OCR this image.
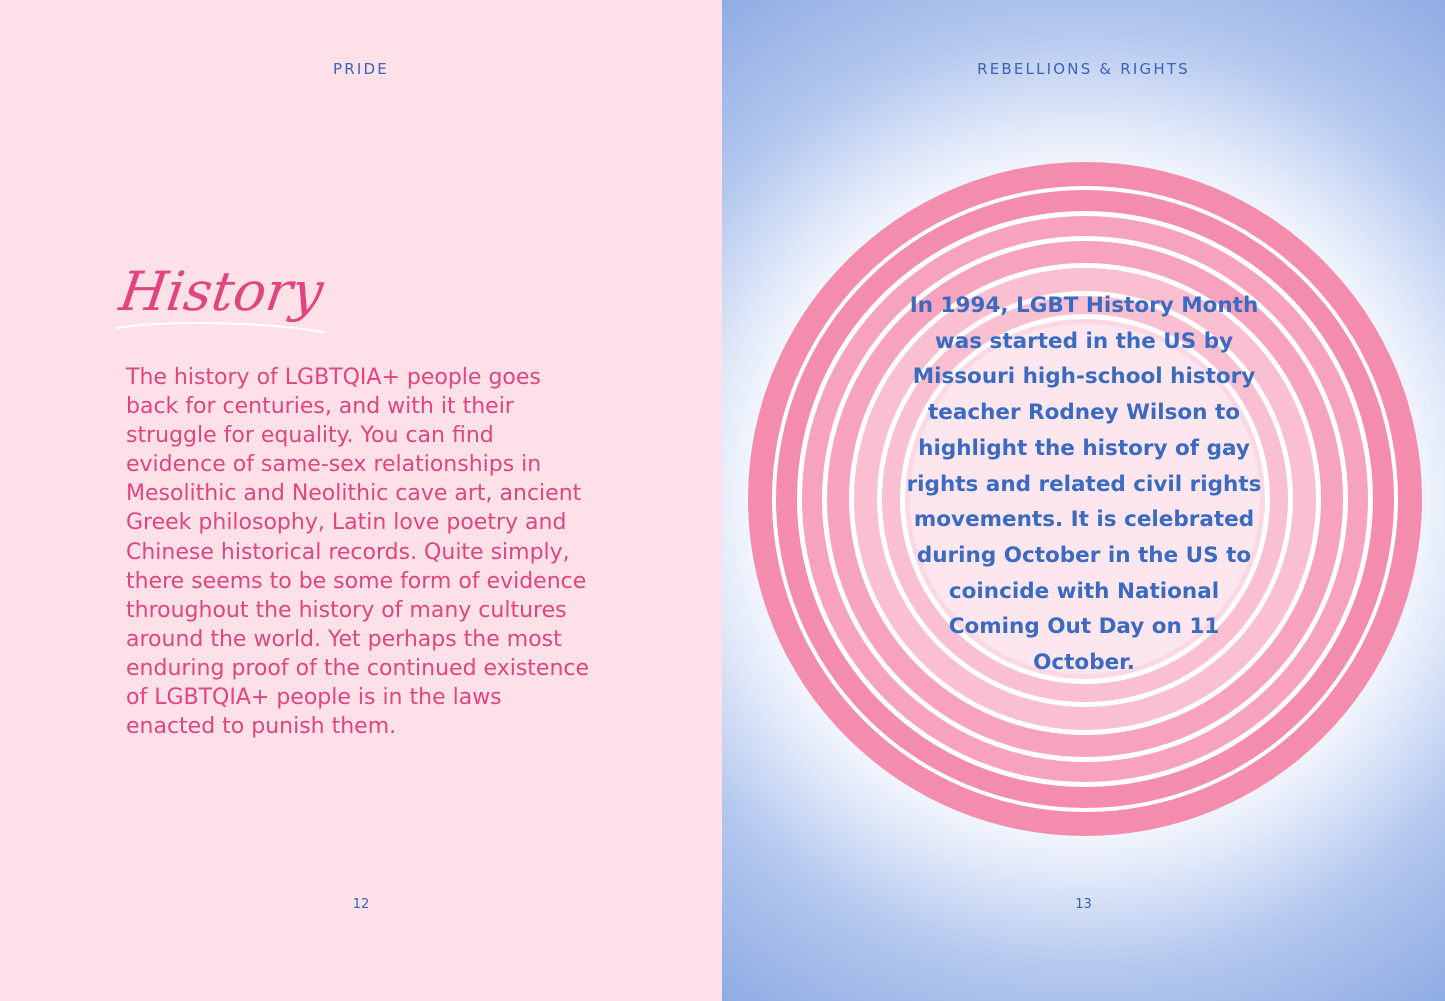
PRIDE
History

The history of LGBTQIA+ people goes back for centuries, and with it their struggle for equality. You can find evidence of same-sex relationships in Mesolithic and Neolithic cave art, ancient Greek philosophy, Latin love poetry and Chinese historical records. Quite simply, there seems to be some form of evidence throughout the history of many cultures around the world. Yet perhaps the most enduring proof of the continued existence of LGBTQIA+ people is in the laws enacted to punish them.

12
REBELLIONS & RIGHTS

In 1994, LGBT History Month was started in the US by Missouri high-school history teacher Rodney Wilson to highlight the history of gay rights and related civil rights movements. It is celebrated during October in the US to coincide with National Coming Out Day on 11 October.

13
